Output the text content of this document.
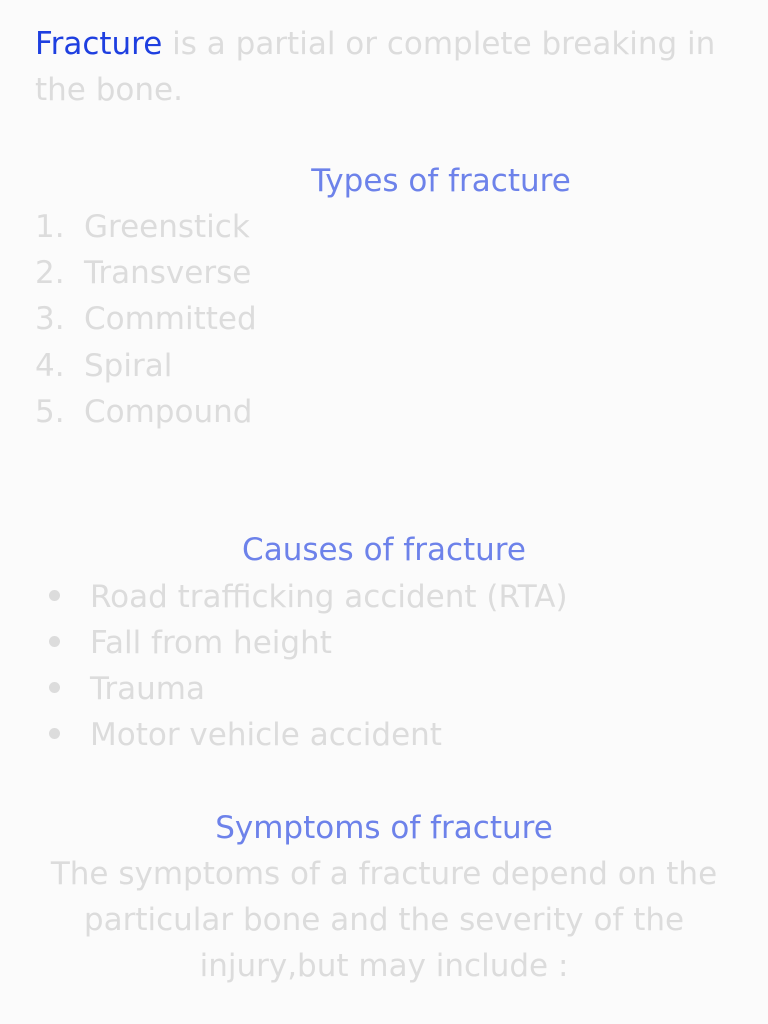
Fracture is a partial or complete breaking in the bone.

Types of fracture
1. Greenstick
2. Transverse
3. Committed
4. Spiral
5. Compound
Causes of fracture
Road trafficking accident (RTA)
Fall from height
Trauma
Motor vehicle accident
Symptoms of fracture

The symptoms of a fracture depend on the particular bone and the severity of the injury,but may include :
